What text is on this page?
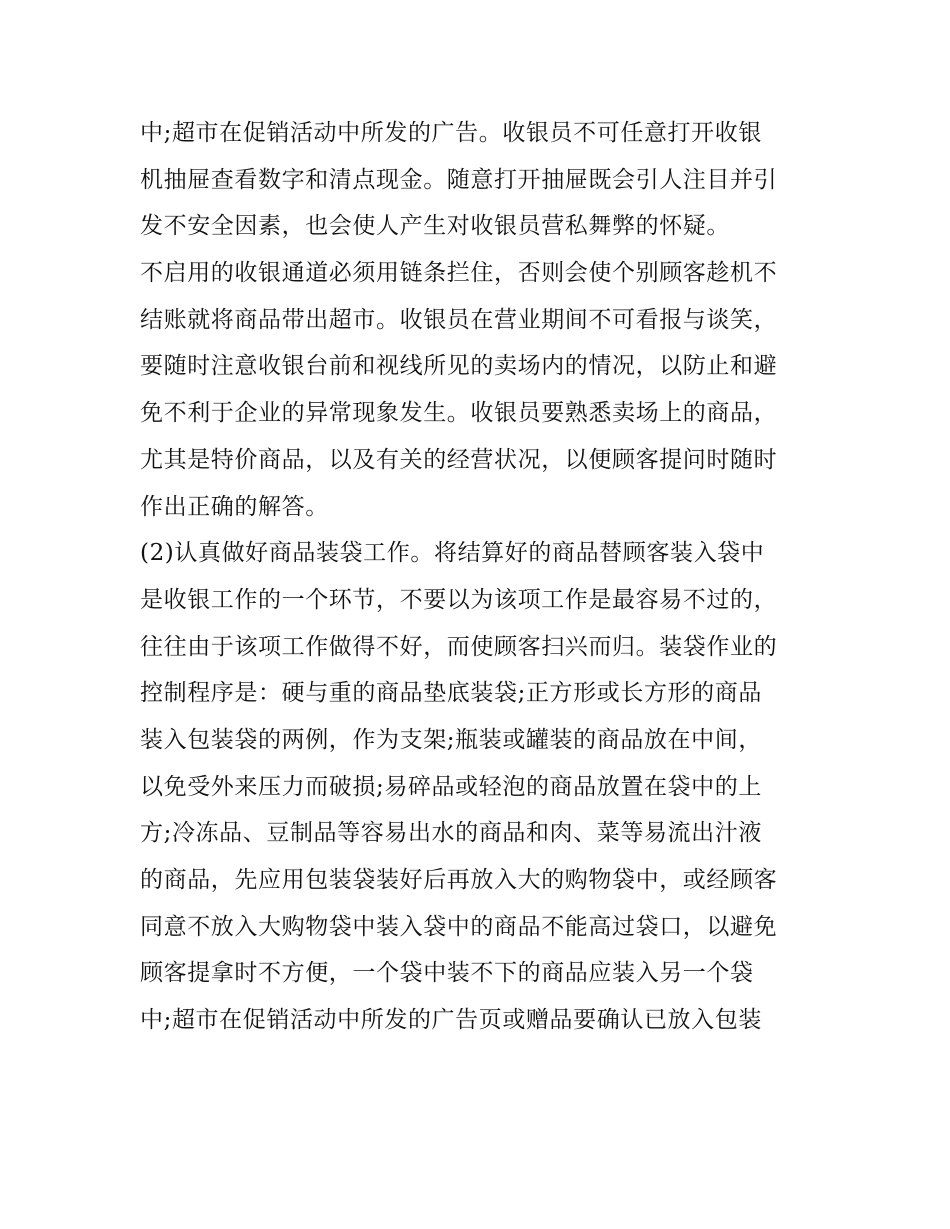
中;超市在促销活动中所发的广告。收银员不可任意打开收银
机抽屉查看数字和清点现金。随意打开抽屉既会引人注目并引
发不安全因素，也会使人产生对收银员营私舞弊的怀疑。
不启用的收银通道必须用链条拦住，否则会使个别顾客趁机不
结账就将商品带出超市。收银员在营业期间不可看报与谈笑，
要随时注意收银台前和视线所见的卖场内的情况，以防止和避
免不利于企业的异常现象发生。收银员要熟悉卖场上的商品，
尤其是特价商品，以及有关的经营状况，以便顾客提问时随时
作出正确的解答。
(2)认真做好商品装袋工作。将结算好的商品替顾客装入袋中
是收银工作的一个环节，不要以为该项工作是最容易不过的，
往往由于该项工作做得不好，而使顾客扫兴而归。装袋作业的
控制程序是：硬与重的商品垫底装袋;正方形或长方形的商品
装入包装袋的两例，作为支架;瓶装或罐装的商品放在中间，
以免受外来压力而破损;易碎品或轻泡的商品放置在袋中的上
方;冷冻品、豆制品等容易出水的商品和肉、菜等易流出汁液
的商品，先应用包装袋装好后再放入大的购物袋中，或经顾客
同意不放入大购物袋中装入袋中的商品不能高过袋口，以避免
顾客提拿时不方便，一个袋中装不下的商品应装入另一个袋
中;超市在促销活动中所发的广告页或赠品要确认已放入包装
